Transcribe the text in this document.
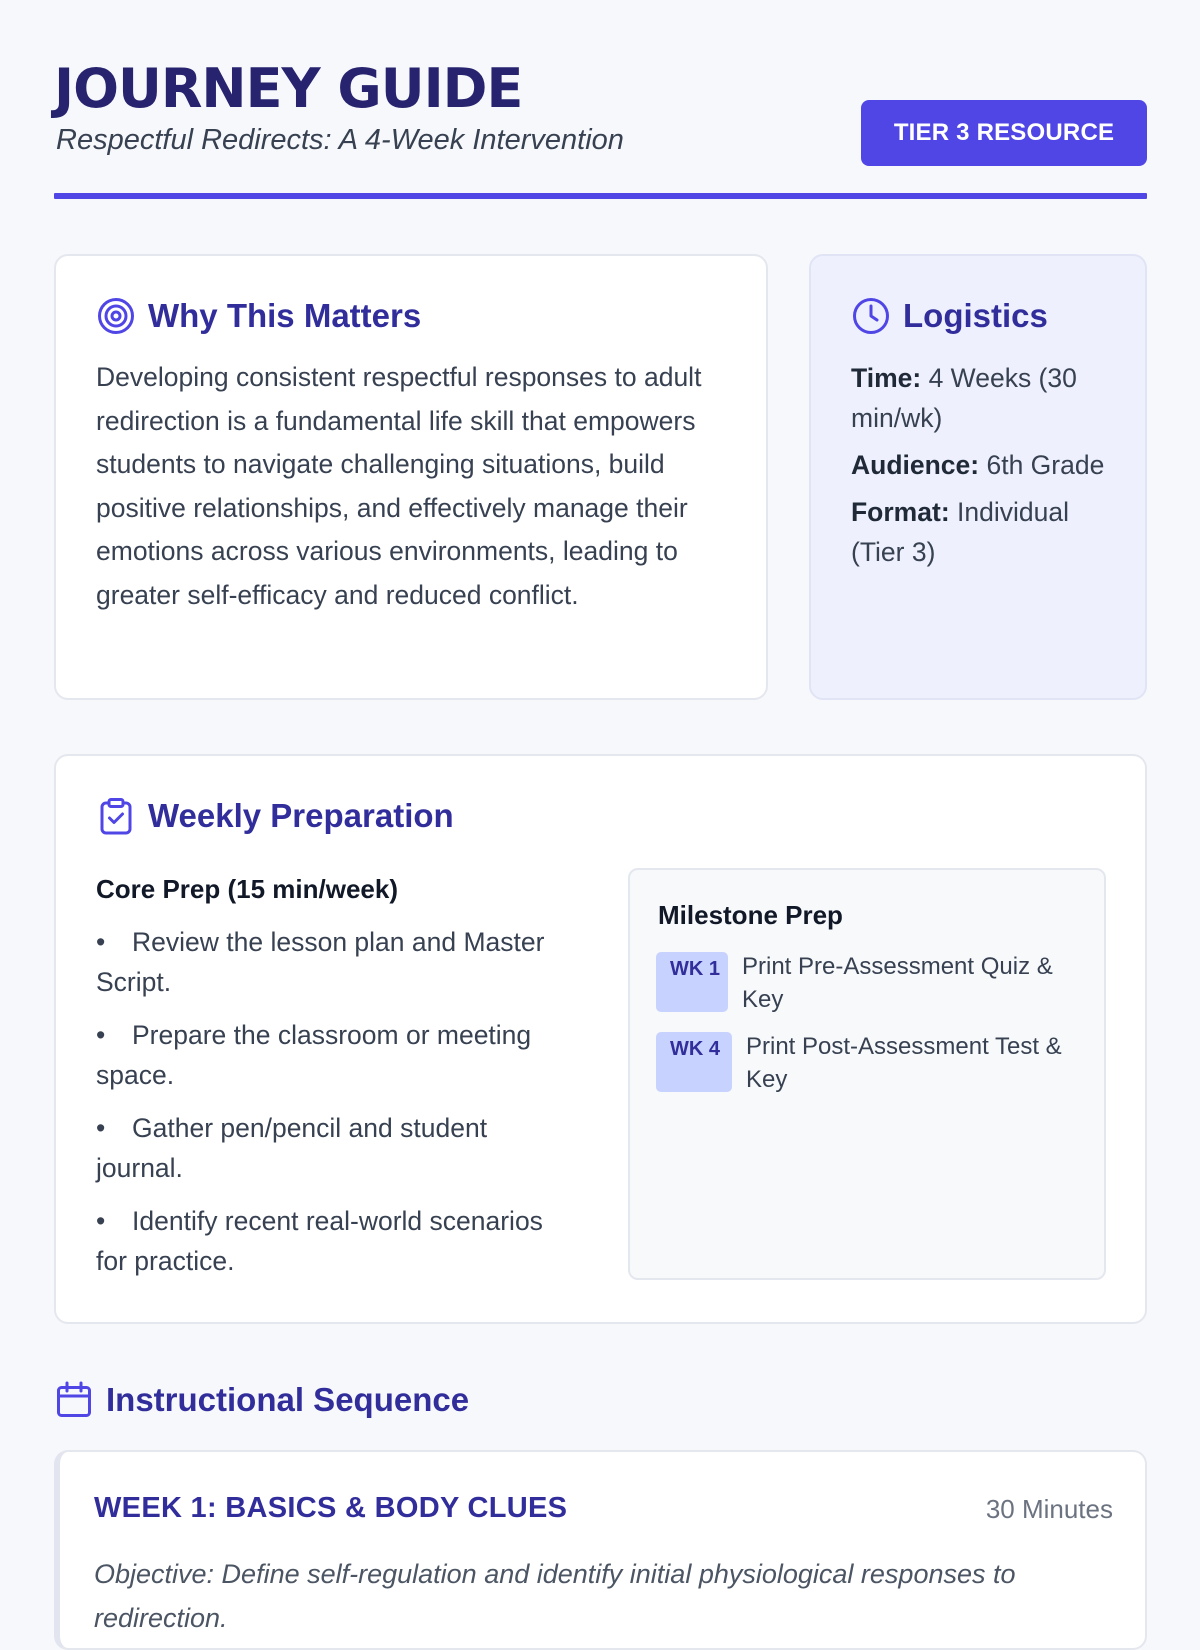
JOURNEY GUIDE
Respectful Redirects: A 4-Week Intervention	TIER 3 RESOURCE
Why This Matters

Developing consistent respectful responses to adult redirection is a fundamental life skill that empowers students to navigate challenging situations, build positive relationships, and effectively manage their emotions across various environments, leading to greater self-efficacy and reduced conflict.

Logistics
Time: 4 Weeks (30 min/wk)
Audience: 6th Grade
Format: Individual (Tier 3)
Weekly Preparation
Core Prep (15 min/week)
• Review the lesson plan and Master Script.
• Prepare the classroom or meeting space.
• Gather pen/pencil and student journal.
• Identify recent real-world scenarios for practice.
Milestone Prep
WK 1 Print Pre-Assessment Quiz & Key
WK 4	Print Post-Assessment Test & Key
Instructional Sequence
WEEK 1: BASICS & BODY CLUES	30 Minutes
Objective: Define self-regulation and identify initial physiological responses to redirection.
